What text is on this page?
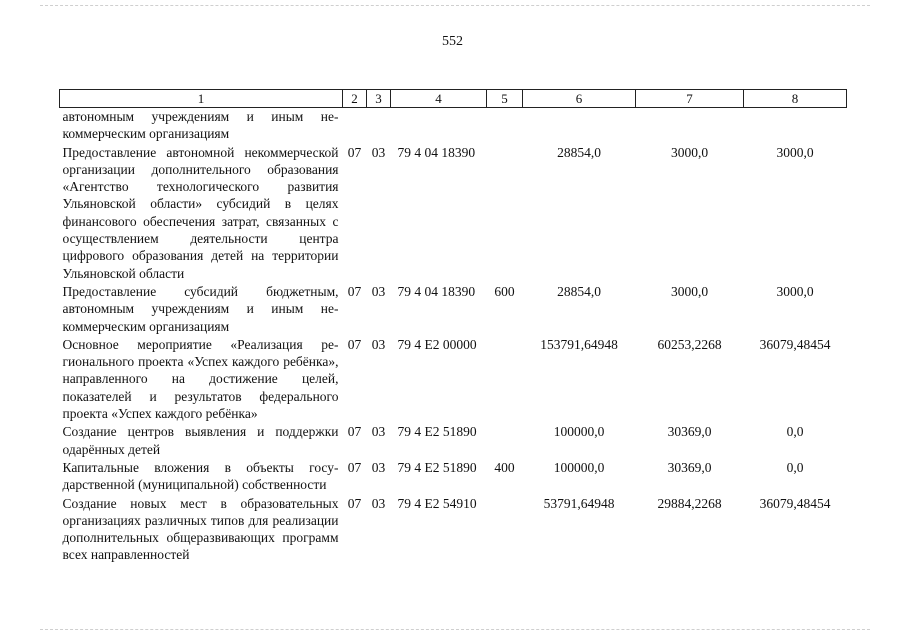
552
1	2	3	4	5	6	7	8
автономным учреждениям и иным некоммерческим организациям							
Предоставление автономной некоммерческой организации дополнительного образования «Агентство технологического развития Ульяновской области» субсидий в целях финансового обеспечения затрат, связанных с осуществлением деятельности центра цифрового образования детей на территории Ульяновской области	07	03	79 4 04 18390		28854,0	3000,0	3000,0
Предоставление субсидий бюджетным, автономным учреждениям и иным некоммерческим организациям	07	03	79 4 04 18390	600	28854,0	3000,0	3000,0
Основное мероприятие «Реализация регионального проекта «Успех каждого ребёнка», направленного на достижение целей, показателей и результатов федерального проекта «Успех каждого ребёнка»	07	03	79 4 E2 00000		153791,64948	60253,2268	36079,48454
Создание центров выявления и поддержки одарённых детей	07	03	79 4 E2 51890		100000,0	30369,0	0,0
Капитальные вложения в объекты государственной (муниципальной) собственности	07	03	79 4 E2 51890	400	100000,0	30369,0	0,0
Создание новых мест в образовательных организациях различных типов для реализации дополнительных общеразвивающих программ всех направленностей	07	03	79 4 E2 54910		53791,64948	29884,2268	36079,48454
